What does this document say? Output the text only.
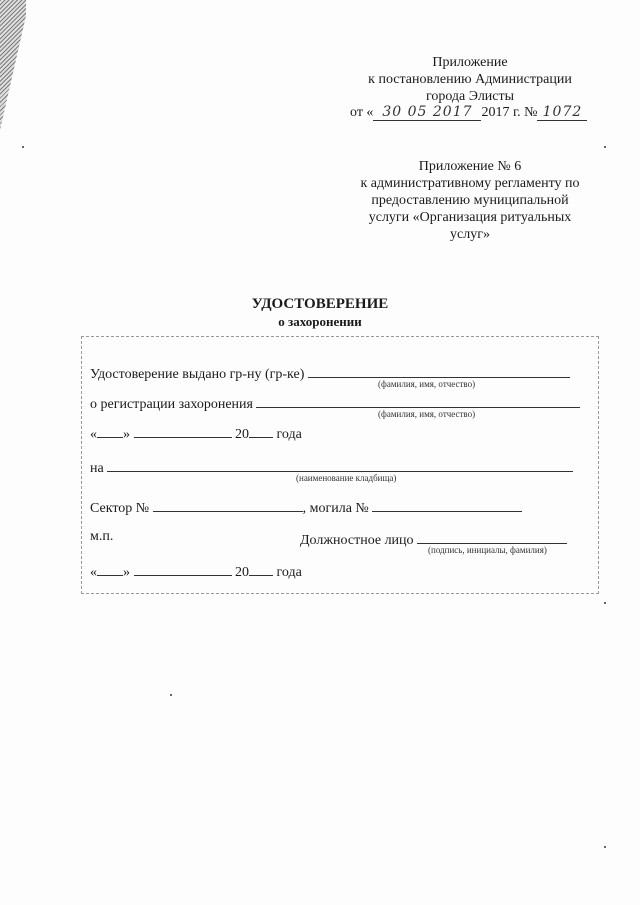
Приложение
к постановлению Администрации
города Элисты
от « 30 05 2017 2017 г. № 1072
Приложение № 6
к административному регламенту по
предоставлению муниципальной
услуги «Организация ритуальных
услуг»
УДОСТОВЕРЕНИЕ
о захоронении
Удостоверение выдано гр-ну (гр-ке)
(фамилия, имя, отчество)
о регистрации захоронения
(фамилия, имя, отчество)
« »	20 года
на
(наименование кладбища)
Сектор №	, могила №
м.п.	Должностное лицо
(подпись, инициалы, фамилия)
« »	20 года
